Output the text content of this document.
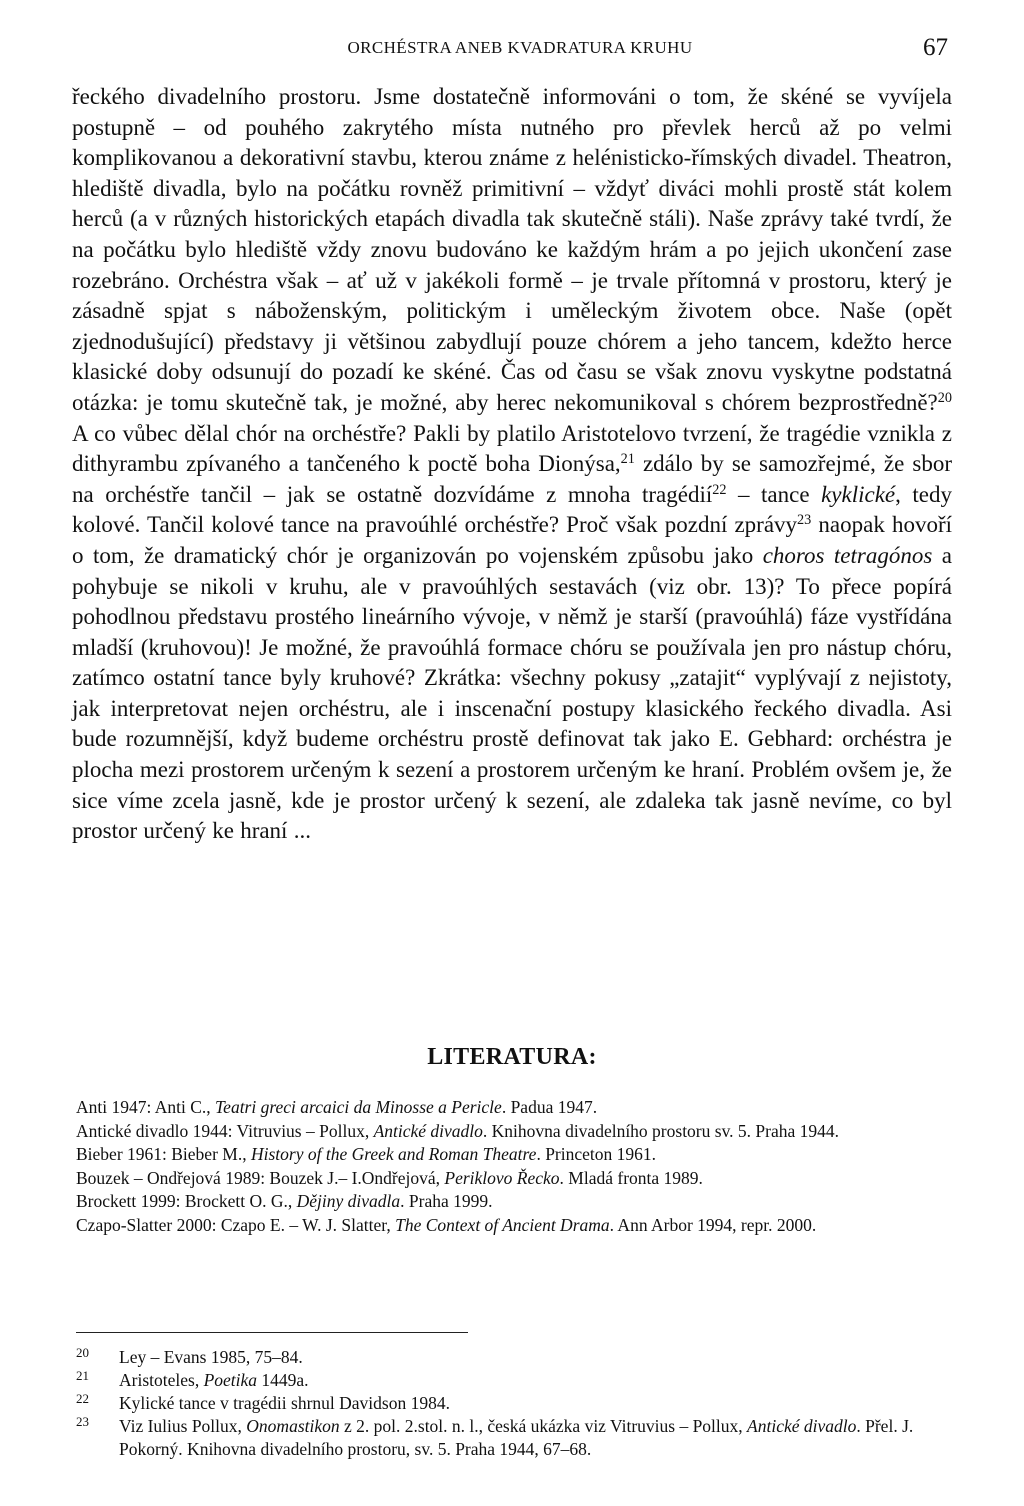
ORCHÉSTRA ANEB KVADRATURA KRUHU	67

řeckého divadelního prostoru. Jsme dostatečně informováni o tom, že skéné se vyvíjela postupně – od pouhého zakrytého místa nutného pro převlek herců až po velmi komplikovanou a dekorativní stavbu, kterou známe z helénisticko-římských divadel. Theatron, hlediště divadla, bylo na počátku rovněž primitivní – vždyť diváci mohli prostě stát kolem herců (a v různých historických etapách divadla tak skutečně stáli). Naše zprávy také tvrdí, že na počátku bylo hlediště vždy znovu budováno ke každým hrám a po jejich ukončení zase rozebráno. Orchéstra však – ať už v jakékoli formě – je trvale přítomná v prostoru, který je zásadně spjat s náboženským, politickým i uměleckým životem obce. Naše (opět zjednodušující) představy ji většinou zabydlují pouze chórem a jeho tancem, kdežto herce klasické doby odsunují do pozadí ke skéné. Čas od času se však znovu vyskytne podstatná otázka: je tomu skutečně tak, je možné, aby herec nekomunikoval s chórem bezprostředně?$^{20}$ A co vůbec dělal chór na orchéstře? Pakli by platilo Aristotelovo tvrzení, že tragédie vznikla z dithyrambu zpívaného a tančeného k poctě boha Dionýsa,$^{21}$ zdálo by se samozřejmé, že sbor na orchéstře tančil – jak se ostatně dozvídáme z mnoha tragédií$^{22}$ – tance kyklické, tedy kolové. Tančil kolové tance na pravoúhlé orchéstře? Proč však pozdní zprávy$^{23}$ naopak hovoří o tom, že dramatický chór je organizován po vojenském způsobu jako choros tetragónos a pohybuje se nikoli v kruhu, ale v pravoúhlých sestavách (viz obr. 13)? To přece popírá pohodlnou představu prostého lineárního vývoje, v němž je starší (pravoúhlá) fáze vystřídána mladší (kruhovou)! Je možné, že pravoúhlá formace chóru se používala jen pro nástup chóru, zatímco ostatní tance byly kruhové? Zkrátka: všechny pokusy „zatajit“ vyplývají z nejistoty, jak interpretovat nejen orchéstru, ale i inscenační postupy klasického řeckého divadla. Asi bude rozumnější, když budeme orchéstru prostě definovat tak jako E. Gebhard: orchéstra je plocha mezi prostorem určeným k sezení a prostorem určeným ke hraní. Problém ovšem je, že sice víme zcela jasně, kde je prostor určený k sezení, ale zdaleka tak jasně nevíme, co byl prostor určený ke hraní ...

LITERATURA:

Anti 1947: Anti C., Teatri greci arcaici da Minosse a Pericle. Padua 1947.

Antické divadlo 1944: Vitruvius – Pollux, Antické divadlo. Knihovna divadelního prostoru sv. 5. Praha 1944.

Bieber 1961: Bieber M., History of the Greek and Roman Theatre. Princeton 1961.

Bouzek – Ondřejová 1989: Bouzek J.– I.Ondřejová, Periklovo Řecko. Mladá fronta 1989.

Brockett 1999: Brockett O. G., Dějiny divadla. Praha 1999.

Czapo-Slatter 2000: Czapo E. – W. J. Slatter, The Context of Ancient Drama. Ann Arbor 1994, repr. 2000.

20 Ley – Evans 1985, 75–84.

21 Aristoteles, Poetika 1449a.

22 Kylické tance v tragédii shrnul Davidson 1984.

23 Viz Iulius Pollux, Onomastikon z 2. pol. 2.stol. n. l., česká ukázka viz Vitruvius – Pollux, Antické divadlo. Přel. J. Pokorný. Knihovna divadelního prostoru, sv. 5. Praha 1944, 67–68.
